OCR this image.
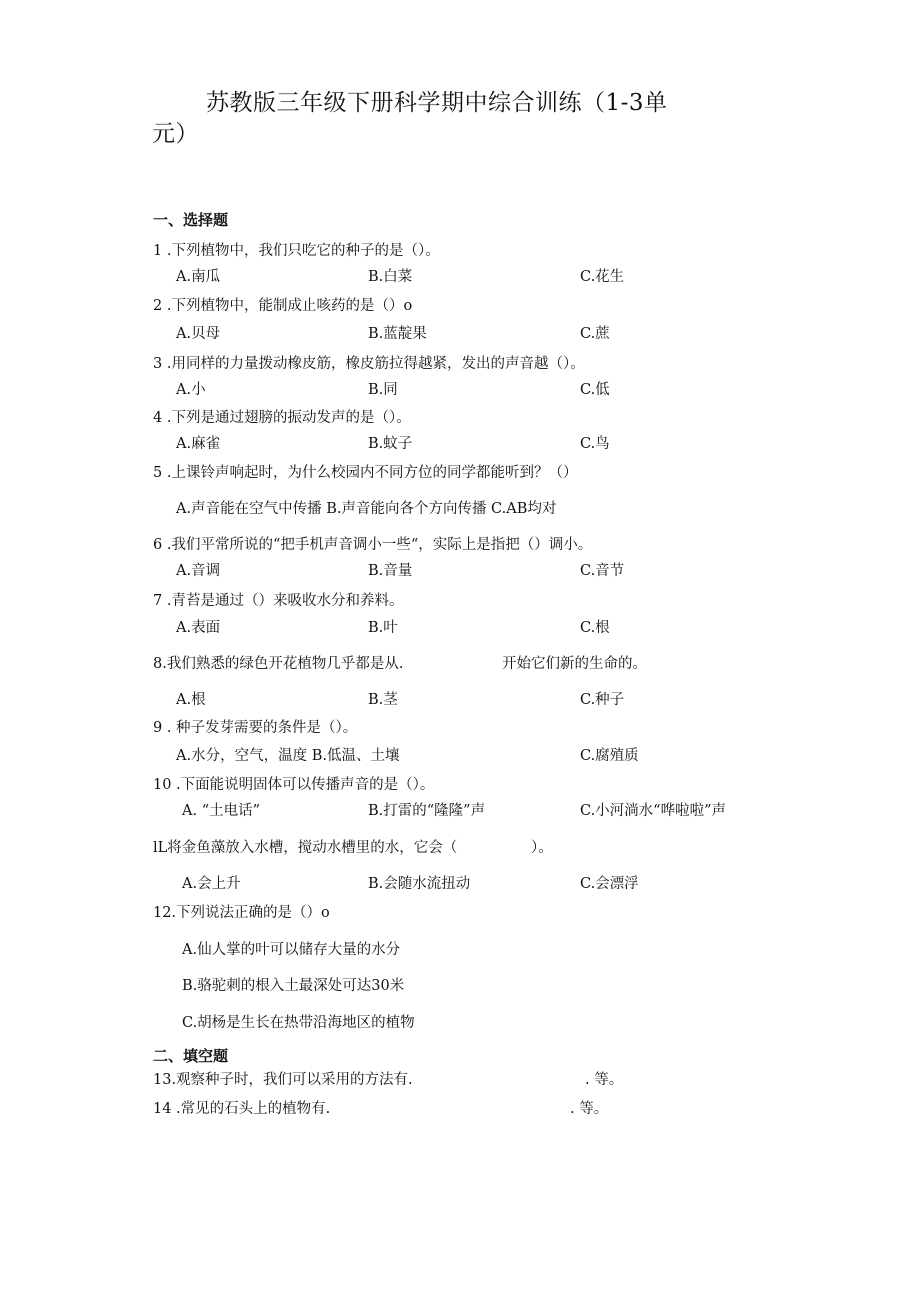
苏教版三年级下册科学期中综合训练（1-3单
元）
一、选择题
1 .下列植物中，我们只吃它的种子的是（）。
A.南瓜	B.白菜	C.花生
2 .下列植物中，能制成止咳药的是（）o
A.贝母	B.蓝靛果	C.蔗
3 .用同样的力量拨动橡皮筋，橡皮筋拉得越紧，发出的声音越（）。
A.小	B.同	C.低
4 .下列是通过翅膀的振动发声的是（）。
A.麻雀	B.蚊子	C.鸟
5 .上课铃声响起时，为什么校园内不同方位的同学都能听到？（）
A.声音能在空气中传播 B.声音能向各个方向传播 C.AB均对
6 .我们平常所说的“把手机声音调小一些“，实际上是指把（）调小。
A.音调	B.音量	C.音节
7 .青苔是通过（）来吸收水分和养料。
A.表面	B.叶	C.根
8.我们熟悉的绿色开花植物几乎都是从.	开始它们新的生命的。
A.根	B.茎	C.种子
9 . 种子发芽需要的条件是（）。
A.水分，空气，温度 B.低温、土壤	C.腐殖质
10 .下面能说明固体可以传播声音的是（）。
A. “土电话”	B.打雷的“隆隆”声	C.小河淌水“哗啦啦”声
lL将金鱼藻放入水槽，搅动水槽里的水，它会（	）。
A.会上升	B.会随水流扭动	C.会漂浮
12.下列说法正确的是（）o
A.仙人掌的叶可以储存大量的水分
B.骆驼刺的根入土最深处可达30米
C.胡杨是生长在热带沿海地区的植物
二、填空题
13.观察种子时，我们可以采用的方法有.	. 等。
14 .常见的石头上的植物有.	. 等。
